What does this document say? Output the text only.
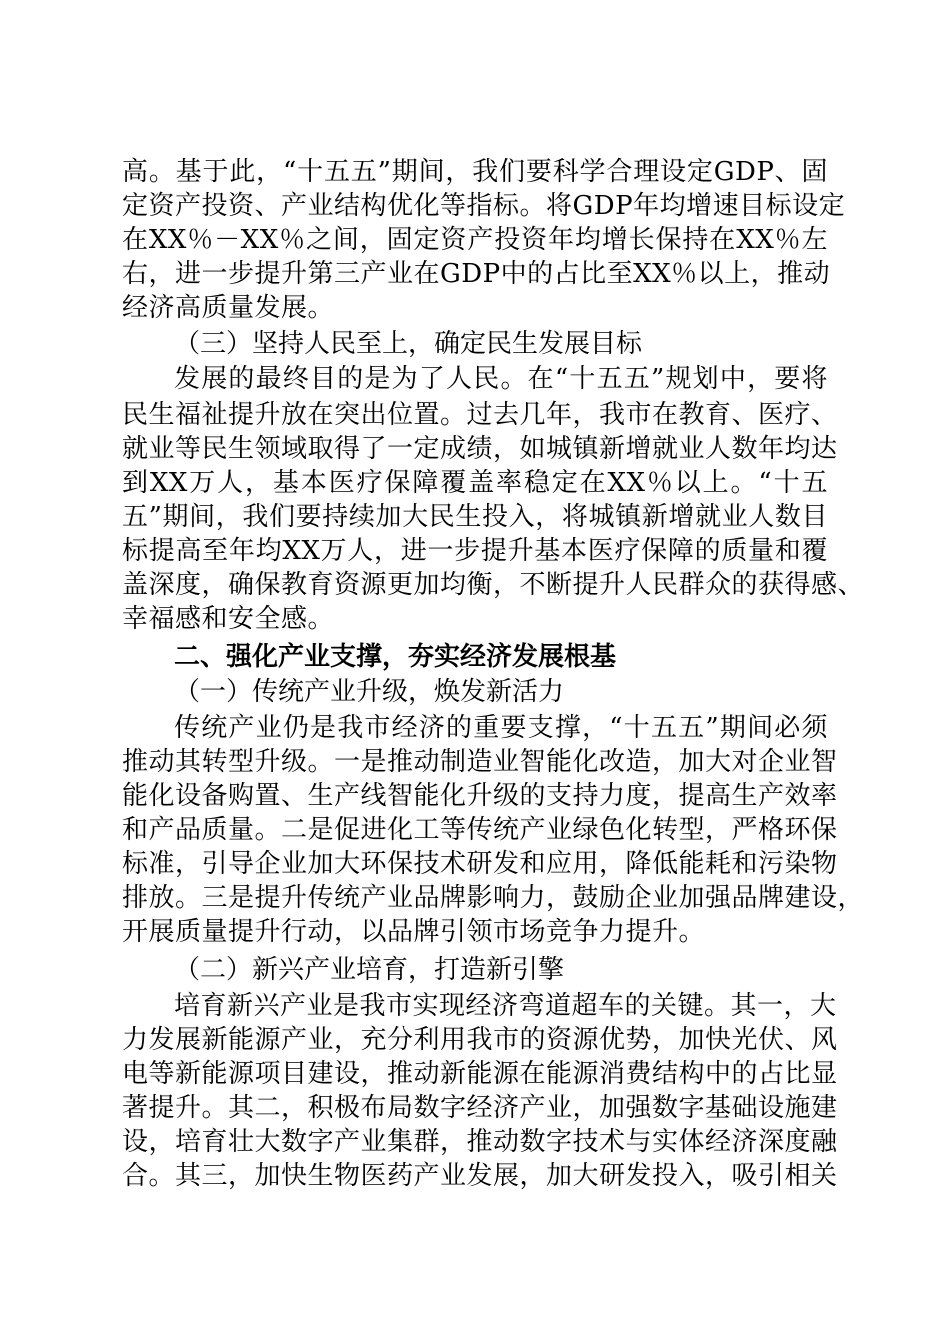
高。基于此，“十五五”期间，我们要科学合理设定GDP、固
定资产投资、产业结构优化等指标。将GDP年均增速目标设定
在XX％－XX％之间，固定资产投资年均增长保持在XX％左
右，进一步提升第三产业在GDP中的占比至XX％以上，推动
经济高质量发展。
（三）坚持人民至上，确定民生发展目标
发展的最终目的是为了人民。在“十五五”规划中，要将
民生福祉提升放在突出位置。过去几年，我市在教育、医疗、
就业等民生领域取得了一定成绩，如城镇新增就业人数年均达
到XX万人，基本医疗保障覆盖率稳定在XX％以上。“十五
五”期间，我们要持续加大民生投入，将城镇新增就业人数目
标提高至年均XX万人，进一步提升基本医疗保障的质量和覆
盖深度，确保教育资源更加均衡，不断提升人民群众的获得感、
幸福感和安全感。
二、强化产业支撑，夯实经济发展根基
（一）传统产业升级，焕发新活力
传统产业仍是我市经济的重要支撑，“十五五”期间必须
推动其转型升级。一是推动制造业智能化改造，加大对企业智
能化设备购置、生产线智能化升级的支持力度，提高生产效率
和产品质量。二是促进化工等传统产业绿色化转型，严格环保
标准，引导企业加大环保技术研发和应用，降低能耗和污染物
排放。三是提升传统产业品牌影响力，鼓励企业加强品牌建设，
开展质量提升行动，以品牌引领市场竞争力提升。
（二）新兴产业培育，打造新引擎
培育新兴产业是我市实现经济弯道超车的关键。其一，大
力发展新能源产业，充分利用我市的资源优势，加快光伏、风
电等新能源项目建设，推动新能源在能源消费结构中的占比显
著提升。其二，积极布局数字经济产业，加强数字基础设施建
设，培育壮大数字产业集群，推动数字技术与实体经济深度融
合。其三，加快生物医药产业发展，加大研发投入，吸引相关
